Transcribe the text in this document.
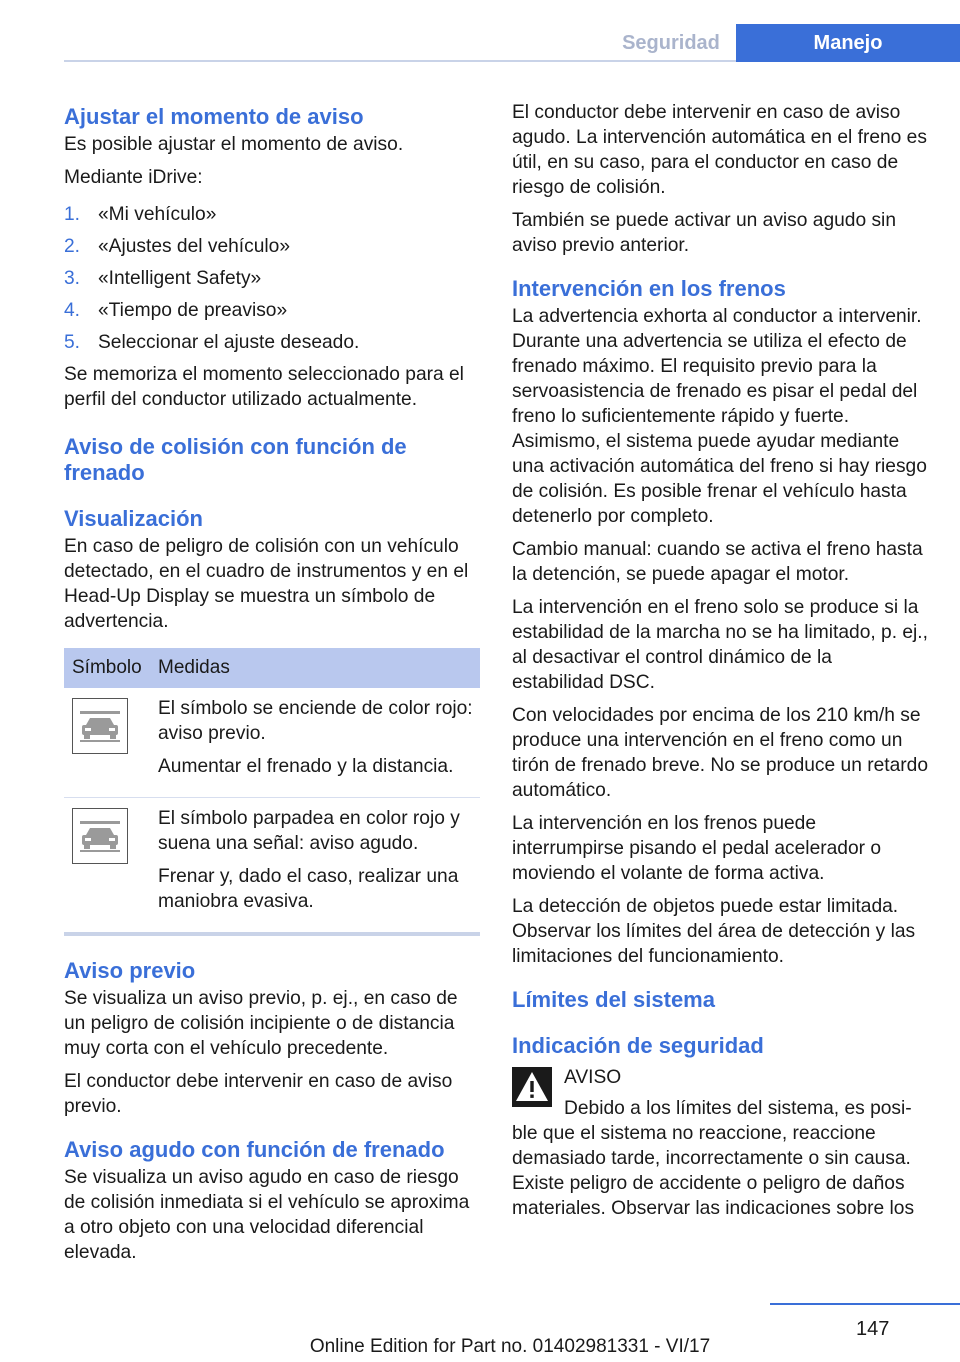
Seguridad	Manejo
Ajustar el momento de aviso
Es posible ajustar el momento de aviso.
Mediante iDrive:
1. «Mi vehículo»
2. «Ajustes del vehículo»
3. «Intelligent Safety»
4. «Tiempo de preaviso»
5. Seleccionar el ajuste deseado.
Se memoriza el momento seleccionado para el perfil del conductor utilizado actualmente.
Aviso de colisión con función de frenado
Visualización
En caso de peligro de colisión con un vehículo detectado, en el cuadro de instrumentos y en el Head-Up Display se muestra un símbolo de advertencia.
Símbolo Medidas
El símbolo se enciende de color rojo: aviso previo.
Aumentar el frenado y la distancia.
El símbolo parpadea en color rojo y suena una señal: aviso agudo.
Frenar y, dado el caso, realizar una maniobra evasiva.
Aviso previo
Se visualiza un aviso previo, p. ej., en caso de un peligro de colisión incipiente o de distancia muy corta con el vehículo precedente.
El conductor debe intervenir en caso de aviso previo.
Aviso agudo con función de frenado
Se visualiza un aviso agudo en caso de riesgo de colisión inmediata si el vehículo se aproxima a otro objeto con una velocidad diferencial elevada.
El conductor debe intervenir en caso de aviso agudo. La intervención automática en el freno es útil, en su caso, para el conductor en caso de riesgo de colisión.
También se puede activar un aviso agudo sin aviso previo anterior.
Intervención en los frenos
La advertencia exhorta al conductor a intervenir. Durante una advertencia se utiliza el efecto de frenado máximo. El requisito previo para la servoasistencia de frenado es pisar el pedal del freno lo suficientemente rápido y fuerte. Asimismo, el sistema puede ayudar mediante una activación automática del freno si hay riesgo de colisión. Es posible frenar el vehículo hasta detenerlo por completo.
Cambio manual: cuando se activa el freno hasta la detención, se puede apagar el motor.
La intervención en el freno solo se produce si la estabilidad de la marcha no se ha limitado, p. ej., al desactivar el control dinámico de la estabilidad DSC.
Con velocidades por encima de los 210 km/h se produce una intervención en el freno como un tirón de frenado breve. No se produce un retardo automático.
La intervención en los frenos puede interrumpirse pisando el pedal acelerador o moviendo el volante de forma activa.
La detección de objetos puede estar limitada. Observar los límites del área de detección y las limitaciones del funcionamiento.
Límites del sistema
Indicación de seguridad
AVISO
Debido a los límites del sistema, es posi-
ble que el sistema no reaccione, reaccione demasiado tarde, incorrectamente o sin causa. Existe peligro de accidente o peligro de daños materiales. Observar las indicaciones sobre los
147
Online Edition for Part no. 01402981331 - VI/17
